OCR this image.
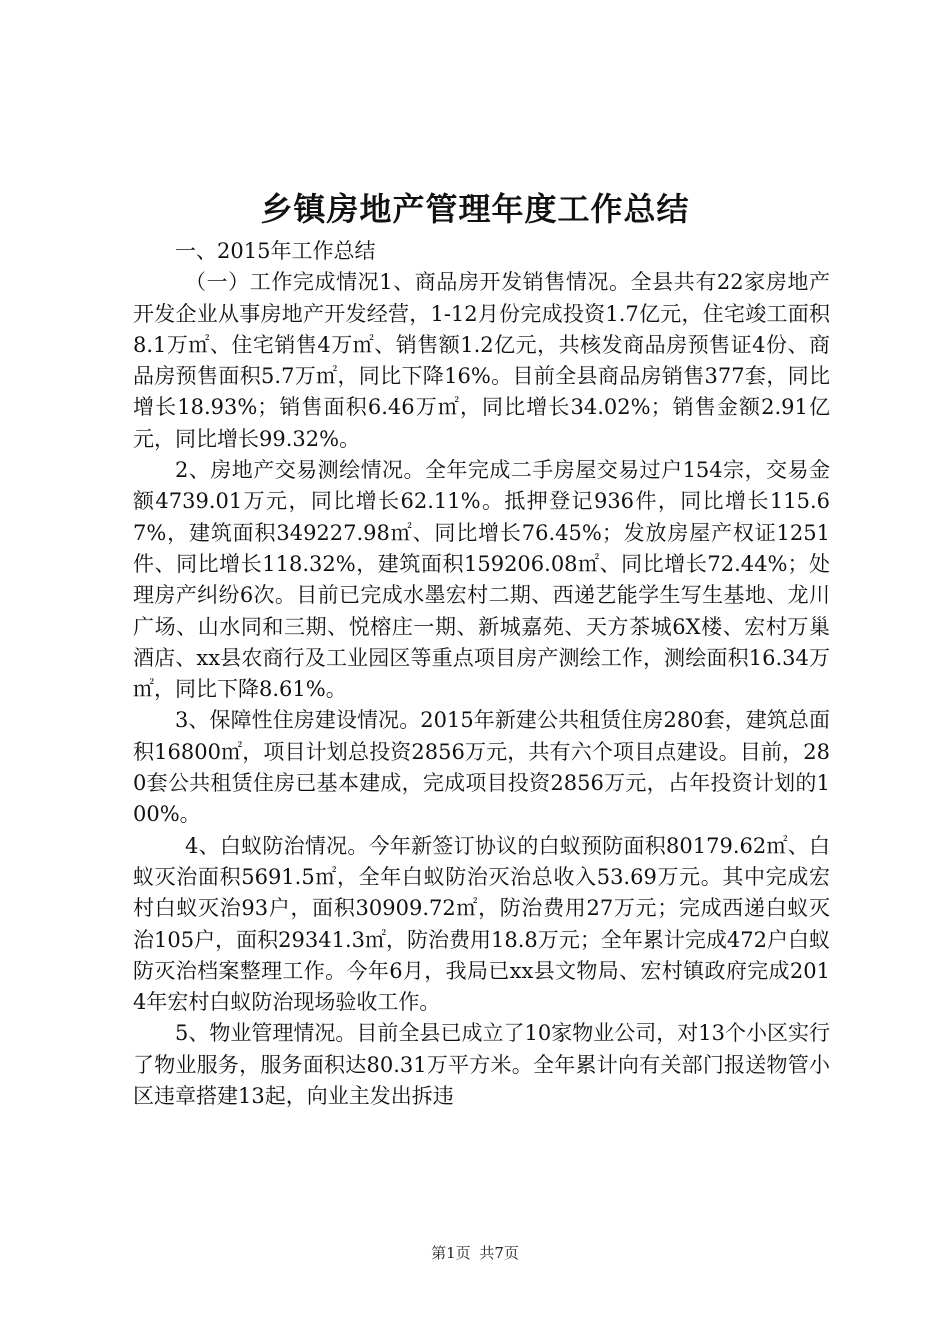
乡镇房地产管理年度工作总结

一、2015年工作总结

（一）工作完成情况1、商品房开发销售情况。全县共有22家房地产开发企业从事房地产开发经营，1-12月份完成投资1.7亿元，住宅竣工面积8.1万㎡、住宅销售4万㎡、销售额1.2亿元，共核发商品房预售证4份、商品房预售面积5.7万㎡，同比下降16%。目前全县商品房销售377套，同比增长18.93%；销售面积6.46万㎡，同比增长34.02%；销售金额2.91亿元，同比增长99.32%。

2、房地产交易测绘情况。全年完成二手房屋交易过户154宗，交易金额4739.01万元，同比增长62.11%。抵押登记936件，同比增长115.67%，建筑面积349227.98㎡、同比增长76.45%；发放房屋产权证1251件、同比增长118.32%，建筑面积159206.08㎡、同比增长72.44%；处理房产纠纷6次。目前已完成水墨宏村二期、西递艺能学生写生基地、龙川广场、山水同和三期、悦榕庄一期、新城嘉苑、天方茶城6X楼、宏村万巢酒店、xx县农商行及工业园区等重点项目房产测绘工作，测绘面积16.34万㎡，同比下降8.61%。

3、保障性住房建设情况。2015年新建公共租赁住房280套，建筑总面积16800㎡，项目计划总投资2856万元，共有六个项目点建设。目前，280套公共租赁住房已基本建成，完成项目投资2856万元，占年投资计划的100%。

4、白蚁防治情况。今年新签订协议的白蚁预防面积80179.62㎡、白蚁灭治面积5691.5㎡，全年白蚁防治灭治总收入53.69万元。其中完成宏村白蚁灭治93户，面积30909.72㎡，防治费用27万元；完成西递白蚁灭治105户，面积29341.3㎡，防治费用18.8万元；全年累计完成472户白蚁防灭治档案整理工作。今年6月，我局已xx县文物局、宏村镇政府完成2014年宏村白蚁防治现场验收工作。

5、物业管理情况。目前全县已成立了10家物业公司，对13个小区实行了物业服务，服务面积达80.31万平方米。全年累计向有关部门报送物管小区违章搭建13起，向业主发出拆违

第1页 共7页
